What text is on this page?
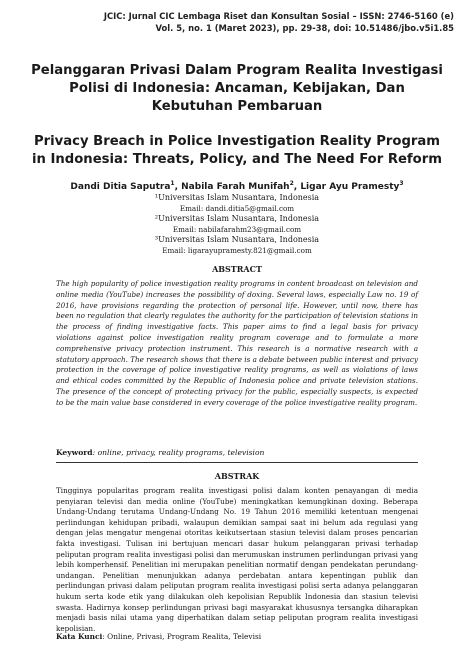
JCIC: Jurnal CIC Lembaga Riset dan Konsultan Sosial – ISSN: 2746-5160 (e)
Vol. 5, no. 1 (Maret 2023), pp. 29-38, doi: 10.51486/jbo.v5i1.85
Pelanggaran Privasi Dalam Program Realita Investigasi Polisi di Indonesia: Ancaman, Kebijakan, Dan Kebutuhan Pembaruan
Privacy Breach in Police Investigation Reality Program in Indonesia: Threats, Policy, and The Need For Reform
Dandi Ditia Saputra$^1$, Nabila Farah Munifah$^2$, Ligar Ayu Pramesty$^3$
¹Universitas Islam Nusantara, Indonesia
Email: dandi.ditia5@gmail.com
²Universitas Islam Nusantara, Indonesia
Email: nabilafarahm23@gmail.com
³Universitas Islam Nusantara, Indonesia
Email: ligarayupramesty.821@gmail.com
ABSTRACT
The high popularity of police investigation reality programs in content broadcast on television and online media (YouTube) increases the possibility of doxing. Several laws, especially Law no. 19 of 2016, have provisions regarding the protection of personal life. However, until now, there has been no regulation that clearly regulates the authority for the participation of television stations in the process of finding investigative facts. This paper aims to find a legal basis for privacy violations against police investigation reality program coverage and to formulate a more comprehensive privacy protection instrument. This research is a normative research with a statutory approach. The research shows that there is a debate between public interest and privacy protection in the coverage of police investigative reality programs, as well as violations of laws and ethical codes committed by the Republic of Indonesia police and private television stations. The presence of the concept of protecting privacy for the public, especially suspects, is expected to be the main value base considered in every coverage of the police investigative reality program.
Keyword: online, privacy, reality programs, television
ABSTRAK
Tingginya popularitas program realita investigasi polisi dalam konten penayangan di media penyiaran televisi dan media online (YouTube) meningkatkan kemungkinan doxing. Beberapa Undang-Undang terutama Undang-Undang No. 19 Tahun 2016 memiliki ketentuan mengenai perlindungan kehidupan pribadi, walaupun demikian sampai saat ini belum ada regulasi yang dengan jelas mengatur mengenai otoritas keikutsertaan stasiun televisi dalam proses pencarian fakta investigasi. Tulisan ini bertujuan mencari dasar hukum pelanggaran privasi terhadap peliputan program realita investigasi polisi dan merumuskan instrumen perlindungan privasi yang lebih komperhensif. Penelitian ini merupakan penelitian normatif dengan pendekatan perundang-undangan. Penelitian menunjukkan adanya perdebatan antara kepentingan publik dan perlindungan privasi dalam peliputan program realita investigasi polisi serta adanya pelanggaran hukum serta kode etik yang dilakukan oleh kepolisian Republik Indonesia dan stasiun televisi swasta. Hadirnya konsep perlindungan privasi bagi masyarakat khususnya tersangka diharapkan menjadi basis nilai utama yang diperhatikan dalam setiap peliputan program realita investigasi kepolisian.
Kata Kunci: Online, Privasi, Program Realita, Televisi
